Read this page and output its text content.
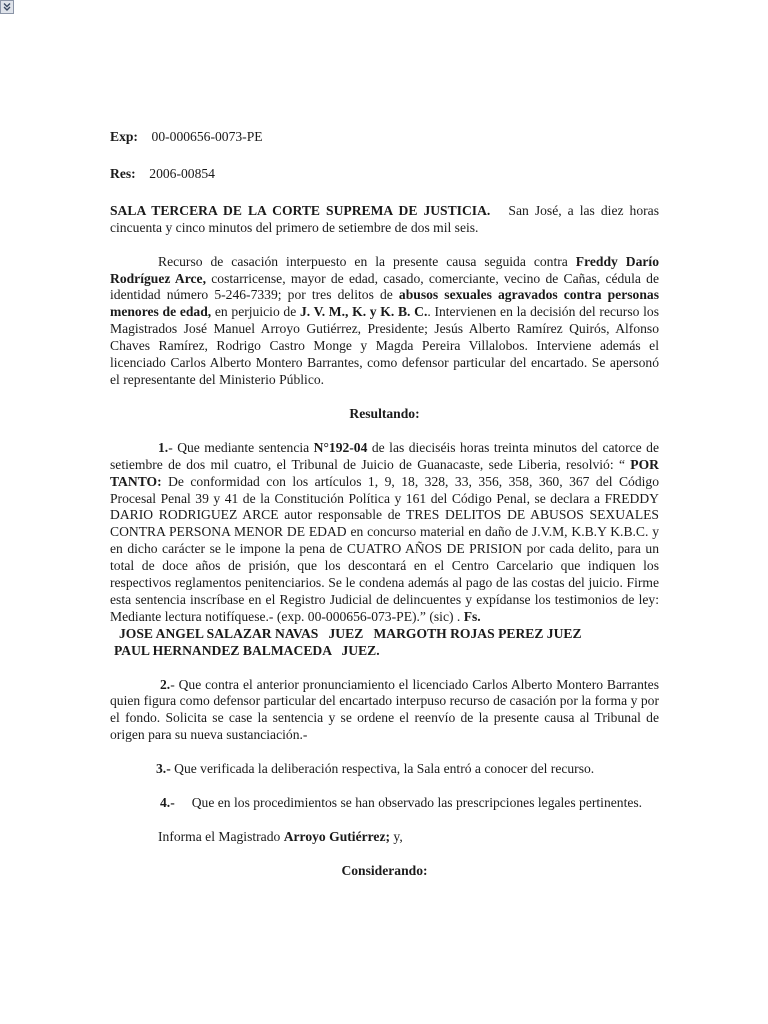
Exp: 00-000656-0073-PE
Res: 2006-00854

SALA TERCERA DE LA CORTE SUPREMA DE JUSTICIA. San José, a las diez horas cincuenta y cinco minutos del primero de setiembre de dos mil seis.

Recurso de casación interpuesto en la presente causa seguida contra Freddy Darío Rodríguez Arce, costarricense, mayor de edad, casado, comerciante, vecino de Cañas, cédula de identidad número 5-246-7339; por tres delitos de abusos sexuales agravados contra personas menores de edad, en perjuicio de J. V. M., K. y K. B. C.. Intervienen en la decisión del recurso los Magistrados José Manuel Arroyo Gutiérrez, Presidente; Jesús Alberto Ramírez Quirós, Alfonso Chaves Ramírez, Rodrigo Castro Monge y Magda Pereira Villalobos. Interviene además el licenciado Carlos Alberto Montero Barrantes, como defensor particular del encartado. Se apersonó el representante del Ministerio Público.

Resultando:

1.- Que mediante sentencia N°192-04 de las dieciséis horas treinta minutos del catorce de setiembre de dos mil cuatro, el Tribunal de Juicio de Guanacaste, sede Liberia, resolvió: “ POR TANTO: De conformidad con los artículos 1, 9, 18, 328, 33, 356, 358, 360, 367 del Código Procesal Penal 39 y 41 de la Constitución Política y 161 del Código Penal, se declara a FREDDY DARIO RODRIGUEZ ARCE autor responsable de TRES DELITOS DE ABUSOS SEXUALES CONTRA PERSONA MENOR DE EDAD en concurso material en daño de J.V.M, K.B.Y K.B.C. y en dicho carácter se le impone la pena de CUATRO AÑOS DE PRISION por cada delito, para un total de doce años de prisión, que los descontará en el Centro Carcelario que indiquen los respectivos reglamentos penitenciarios. Se le condena además al pago de las costas del juicio. Firme esta sentencia inscríbase en el Registro Judicial de delincuentes y expídanse los testimonios de ley: Mediante lectura notifíquese.- (exp. 00-000656-073-PE).” (sic) . Fs.

JOSE ANGEL SALAZAR NAVAS   JUEZ   MARGOTH ROJAS PEREZ JUEZ
PAUL HERNANDEZ BALMACEDA   JUEZ.

2.- Que contra el anterior pronunciamiento el licenciado Carlos Alberto Montero Barrantes quien figura como defensor particular del encartado interpuso recurso de casación por la forma y por el fondo. Solicita se case la sentencia y se ordene el reenvío de la presente causa al Tribunal de origen para su nueva sustanciación.-

3.- Que verificada la deliberación respectiva, la Sala entró a conocer del recurso.

4.-     Que en los procedimientos se han observado las prescripciones legales pertinentes.

Informa el Magistrado Arroyo Gutiérrez; y,

Considerando:
